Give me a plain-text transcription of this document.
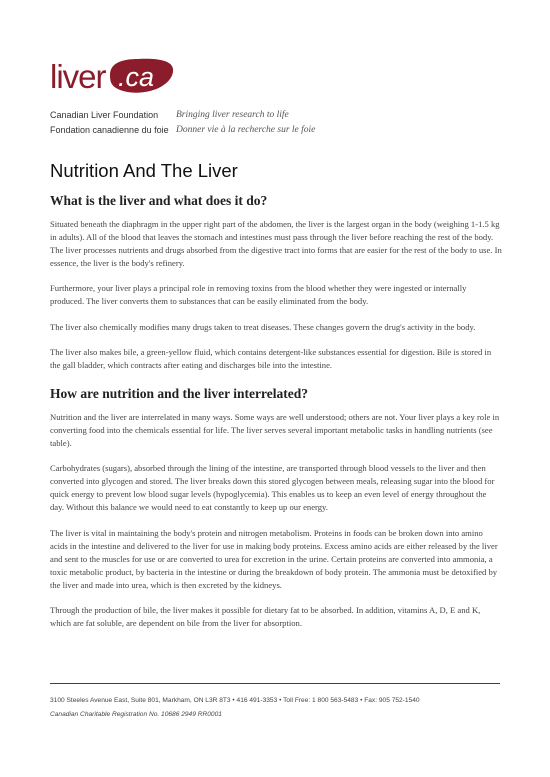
liver .ca
Canadian Liver Foundation
Fondation canadienne du foie
Bringing liver research to life
Donner vie à la recherche sur le foie
Nutrition And The Liver
What is the liver and what does it do?

Situated beneath the diaphragm in the upper right part of the abdomen, the liver is the largest organ in the body (weighing 1-1.5 kg in adults). All of the blood that leaves the stomach and intestines must pass through the liver before reaching the rest of the body. The liver processes nutrients and drugs absorbed from the digestive tract into forms that are easier for the rest of the body to use. In essence, the liver is the body's refinery.

Furthermore, your liver plays a principal role in removing toxins from the blood whether they were ingested or internally produced. The liver converts them to substances that can be easily eliminated from the body.

The liver also chemically modifies many drugs taken to treat diseases. These changes govern the drug's activity in the body.

The liver also makes bile, a green-yellow fluid, which contains detergent-like substances essential for digestion. Bile is stored in the gall bladder, which contracts after eating and discharges bile into the intestine.

How are nutrition and the liver interrelated?

Nutrition and the liver are interrelated in many ways. Some ways are well understood; others are not. Your liver plays a key role in converting food into the chemicals essential for life. The liver serves several important metabolic tasks in handling nutrients (see table).

Carbohydrates (sugars), absorbed through the lining of the intestine, are transported through blood vessels to the liver and then converted into glycogen and stored. The liver breaks down this stored glycogen between meals, releasing sugar into the blood for quick energy to prevent low blood sugar levels (hypoglycemia). This enables us to keep an even level of energy throughout the day. Without this balance we would need to eat constantly to keep up our energy.

The liver is vital in maintaining the body's protein and nitrogen metabolism. Proteins in foods can be broken down into amino acids in the intestine and delivered to the liver for use in making body proteins. Excess amino acids are either released by the liver and sent to the muscles for use or are converted to urea for excretion in the urine. Certain proteins are converted into ammonia, a toxic metabolic product, by bacteria in the intestine or during the breakdown of body protein. The ammonia must be detoxified by the liver and made into urea, which is then excreted by the kidneys.

Through the production of bile, the liver makes it possible for dietary fat to be absorbed. In addition, vitamins A, D, E and K, which are fat soluble, are dependent on bile from the liver for absorption.

3100 Steeles Avenue East, Suite 801, Markham, ON L3R 8T3 • 416 491-3353 • Toll Free: 1 800 563-5483 • Fax: 905 752-1540
Canadian Charitable Registration No. 10686 2949 RR0001
